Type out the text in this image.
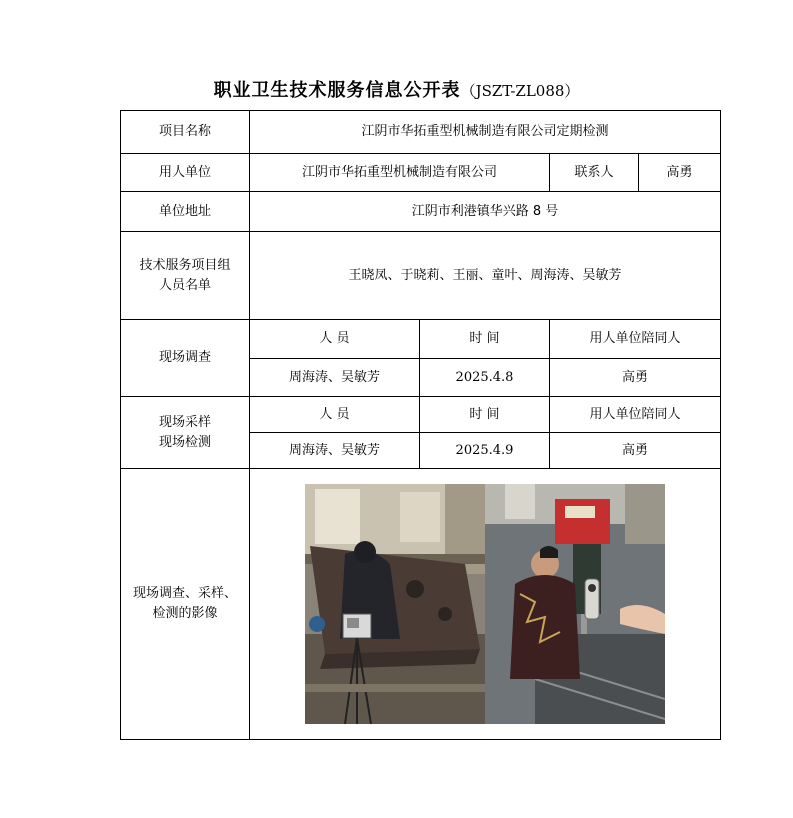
职业卫生技术服务信息公开表（JSZT-ZL088）
项目名称	江阴市华拓重型机械制造有限公司定期检测			
用人单位	江阴市华拓重型机械制造有限公司		联系人	高勇
单位地址	江阴市利港镇华兴路 8 号			

技术服务项目组
人员名单	王晓凤、于晓莉、王丽、童叶、周海涛、吴敏芳			
现场调查	人 员	时 间	用人单位陪同人	
	周海涛、吴敏芳	2025.4.8	高勇	

现场采样
现场检测	人 员	时 间	用人单位陪同人	
	周海涛、吴敏芳	2025.4.9	高勇	

现场调查、采样、
检测的影像
